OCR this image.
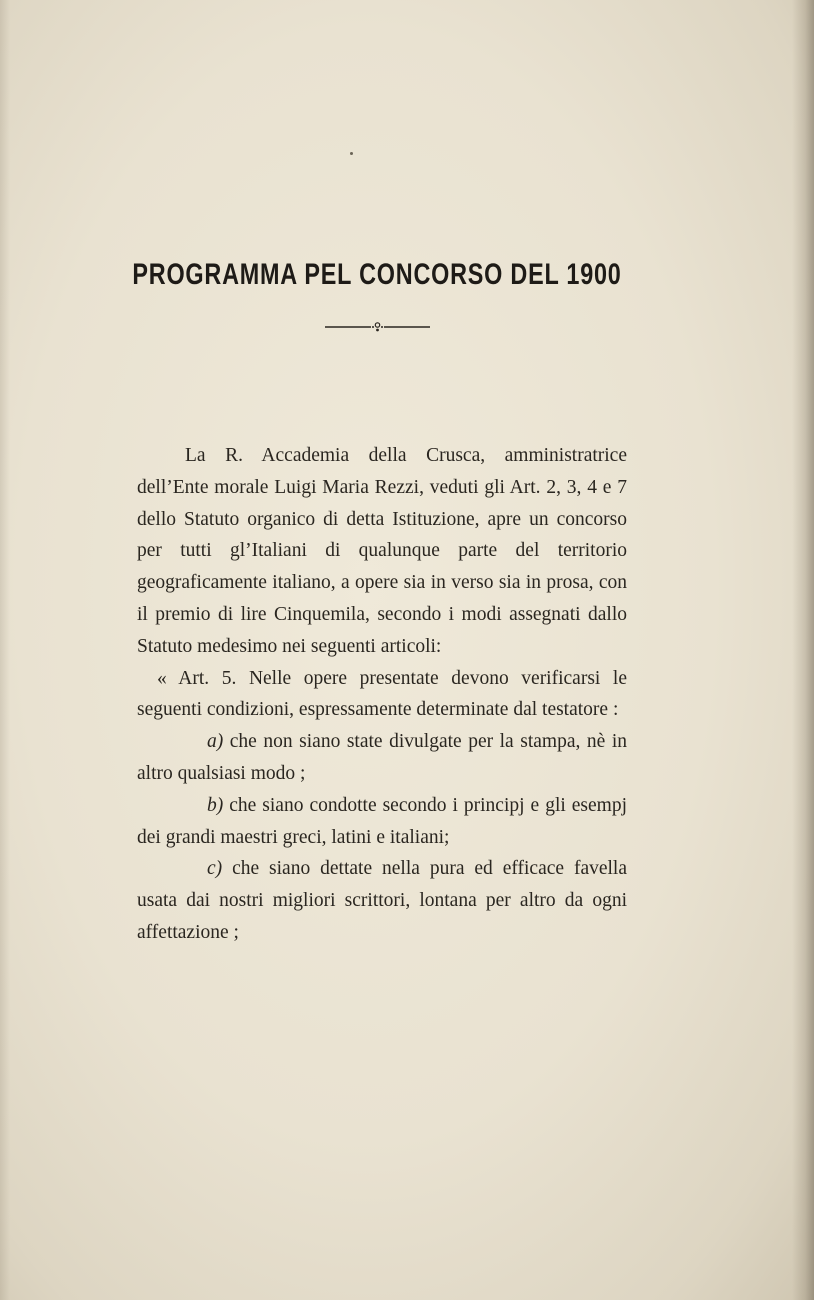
PROGRAMMA PEL CONCORSO DEL 1900

La R. Accademia della Crusca, amministratrice dell’Ente morale Luigi Maria Rezzi, veduti gli Art. 2, 3, 4 e 7 dello Statuto organico di detta Istituzione, apre un concorso per tutti gl’Italiani di qualunque parte del territorio geograficamente italiano, a opere sia in verso sia in prosa, con il premio di lire Cinquemila, secondo i modi assegnati dallo Statuto medesimo nei seguenti articoli:

« Art. 5. Nelle opere presentate devono verificarsi le seguenti condizioni, espressamente determinate dal testatore :

a) che non siano state divulgate per la stampa, nè in altro qualsiasi modo ;

b) che siano condotte secondo i principj e gli esempj dei grandi maestri greci, latini e italiani;

c) che siano dettate nella pura ed efficace favella usata dai nostri migliori scrittori, lontana per altro da ogni affettazione ;
